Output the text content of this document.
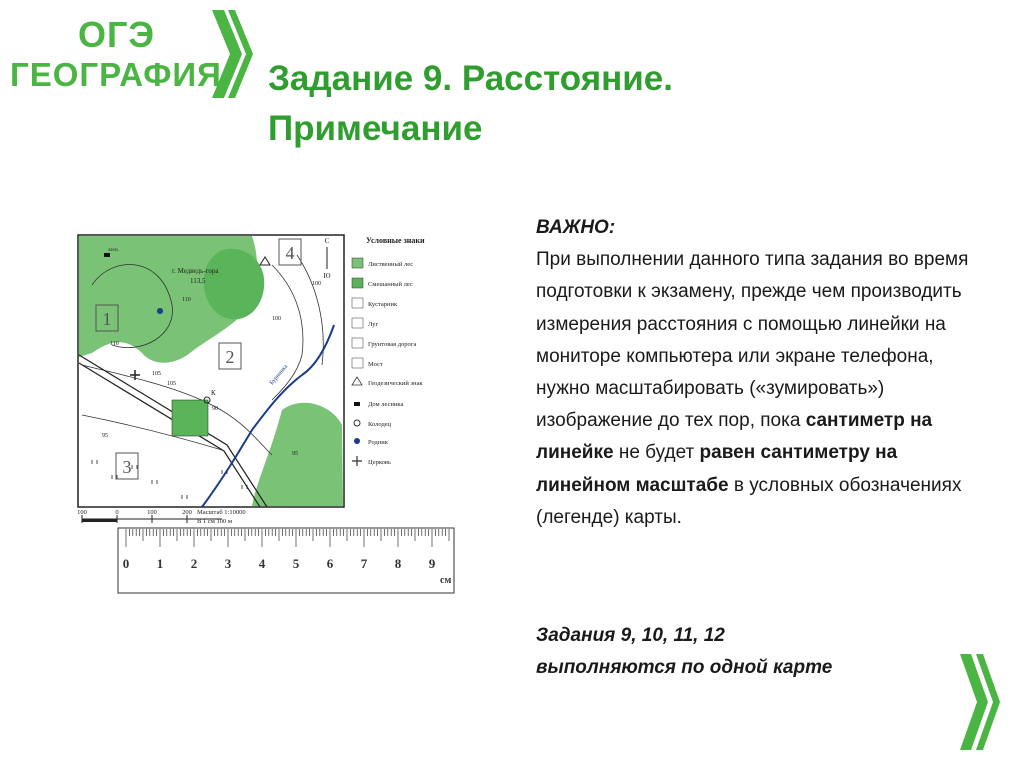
ОГЭ
ГЕОГРАФИЯ Задание 9. Расстояние.
Примечание
1
2
3
4
г. Медведь-гора
113,5
110
105
110
100
95
90
95
105
100
Бурнинка
лесн.
К
С
Ю
Условные знаки
Лиственный лес
Смешанный лес
Кустарник
Луг
Грунтовая дорога
Мост
Геодезический знак
Дом лесника
Колодец
Родник
Церковь
100	0	100	200 Масштаб 1:10000
В 1 см 100 м
0 1 2 3 4 5 6 7 8 9
см
ВАЖНО:
При выполнении данного типа задания во время подготовки к экзамену, прежде чем производить измерения расстояния с помощью линейки на мониторе компьютера или экране телефона, нужно масштабировать («зумировать») изображение до тех пор, пока сантиметр на линейке не будет равен сантиметру на линейном масштабе в условных обозначениях (легенде) карты.
Задания 9, 10, 11, 12
выполняются по одной карте
